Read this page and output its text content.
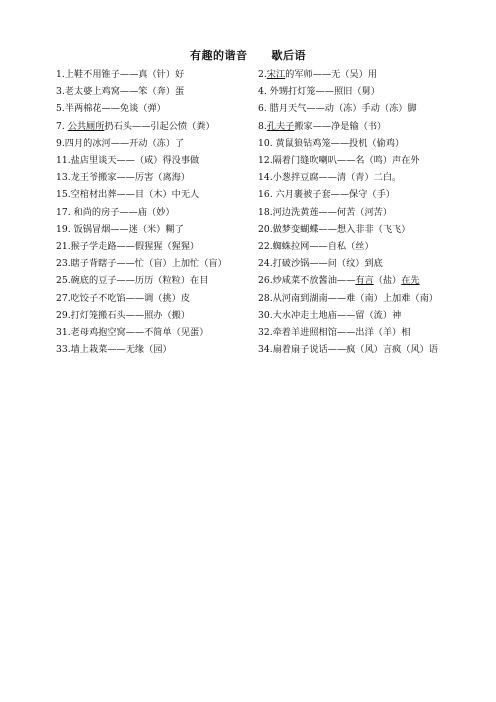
有趣的谐音 歇后语
1.上鞋不用锥子——真（针）好	2.宋江的军师——无（吴）用
3.老太婆上鸡窝——笨（奔）蛋	4. 外甥打灯笼——照旧（舅）
5.半两棉花——免谈（弹）	6. 腊月天气——动（冻）手动（冻）脚
7. 公共厕所扔石头——引起公愤（粪）	8.孔夫子搬家——净是输（书）
9.四月的冰河——开动（冻）了	10. 黄鼠狼钻鸡笼——投机（偷鸡）
11.盐店里谈天——（咸）得没事做	12.隔着门缝吹喇叭——名（鸣）声在外
13.龙王爷搬家——厉害（离海）	14.小葱拌豆腐——清（青）二白。
15.空棺材出葬——目（木）中无人	16. 六月裹被子套——保守（手）
17. 和尚的房子——庙（妙）	18.河边洗黄莲——何苦（河苦）
19. 饭锅冒烟——迷（米）糊了	20.做梦变蝴蝶——想入非非（飞飞）
21.猴子学走路——假猩猩（猩猩）	22.蜘蛛拉网——自私（丝）
23.瞎子背瞎子——忙（盲）上加忙（盲）	24.打破沙锅——问（纹）到底
25.碗底的豆子——历历（粒粒）在目	26.炒咸菜不放酱油——有言（盐）在先
27.吃饺子不吃馅——调（挑）皮	28.从河南到湖南——难（南）上加难（南）
29.打灯笼搬石头——照办（搬）	30.大水冲走土地庙——留（流）神
31.老母鸡抱空窝——不简单（见蛋）	32.牵着羊进照相馆——出洋（羊）相
33.墙上栽菜——无缘（园）	34.扇着扇子说话——疯（风）言疯（风）语
